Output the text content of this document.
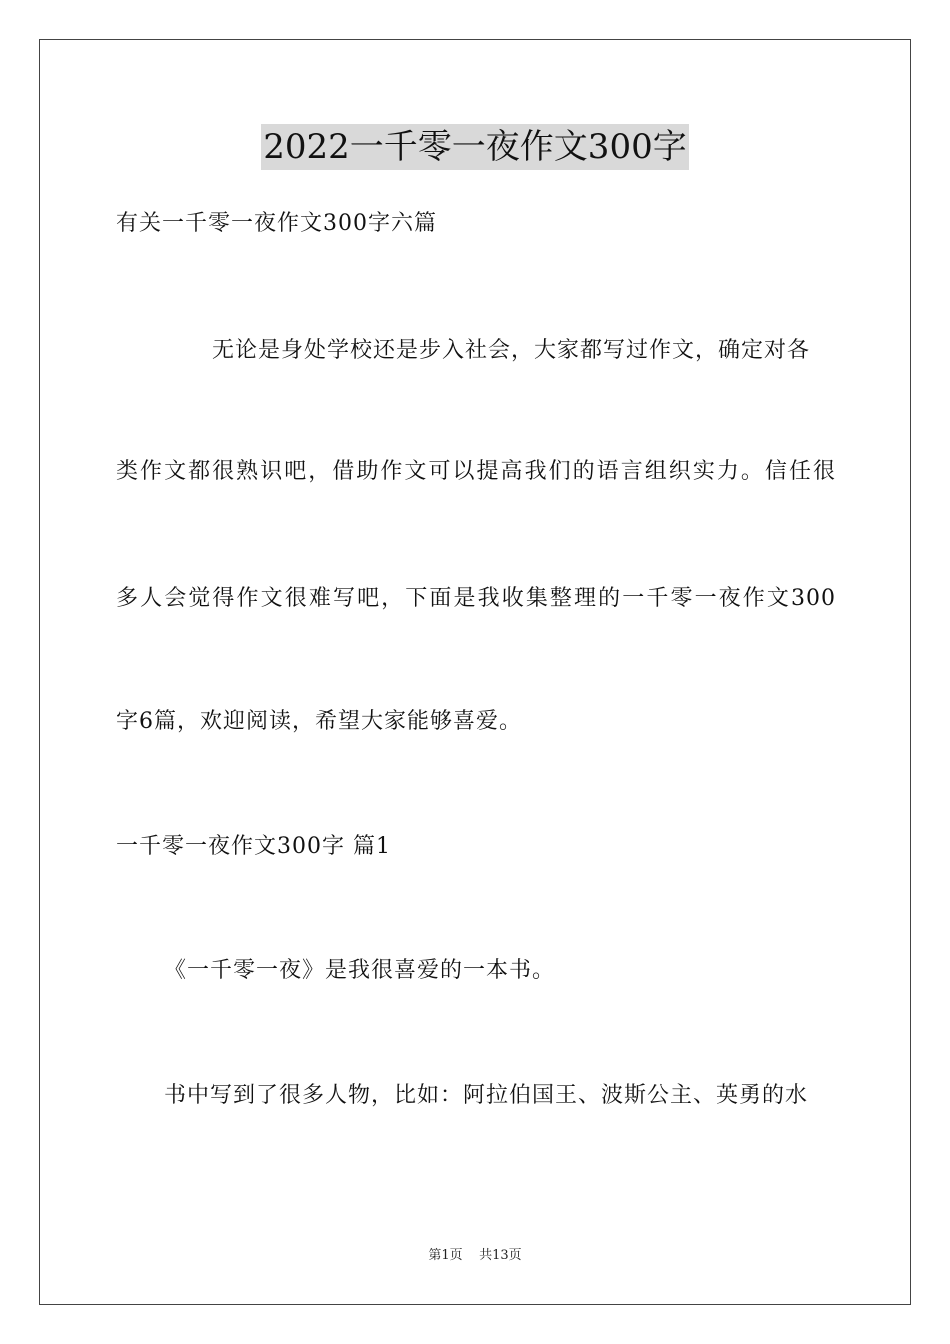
2022一千零一夜作文300字
有关一千零一夜作文300字六篇
无论是身处学校还是步入社会，大家都写过作文，确定对各
类作文都很熟识吧，借助作文可以提高我们的语言组织实力。信任很
多人会觉得作文很难写吧，下面是我收集整理的一千零一夜作文300
字6篇，欢迎阅读，希望大家能够喜爱。
一千零一夜作文300字 篇1
《一千零一夜》是我很喜爱的一本书。
书中写到了很多人物，比如：阿拉伯国王、波斯公主、英勇的水
第1页    共13页
